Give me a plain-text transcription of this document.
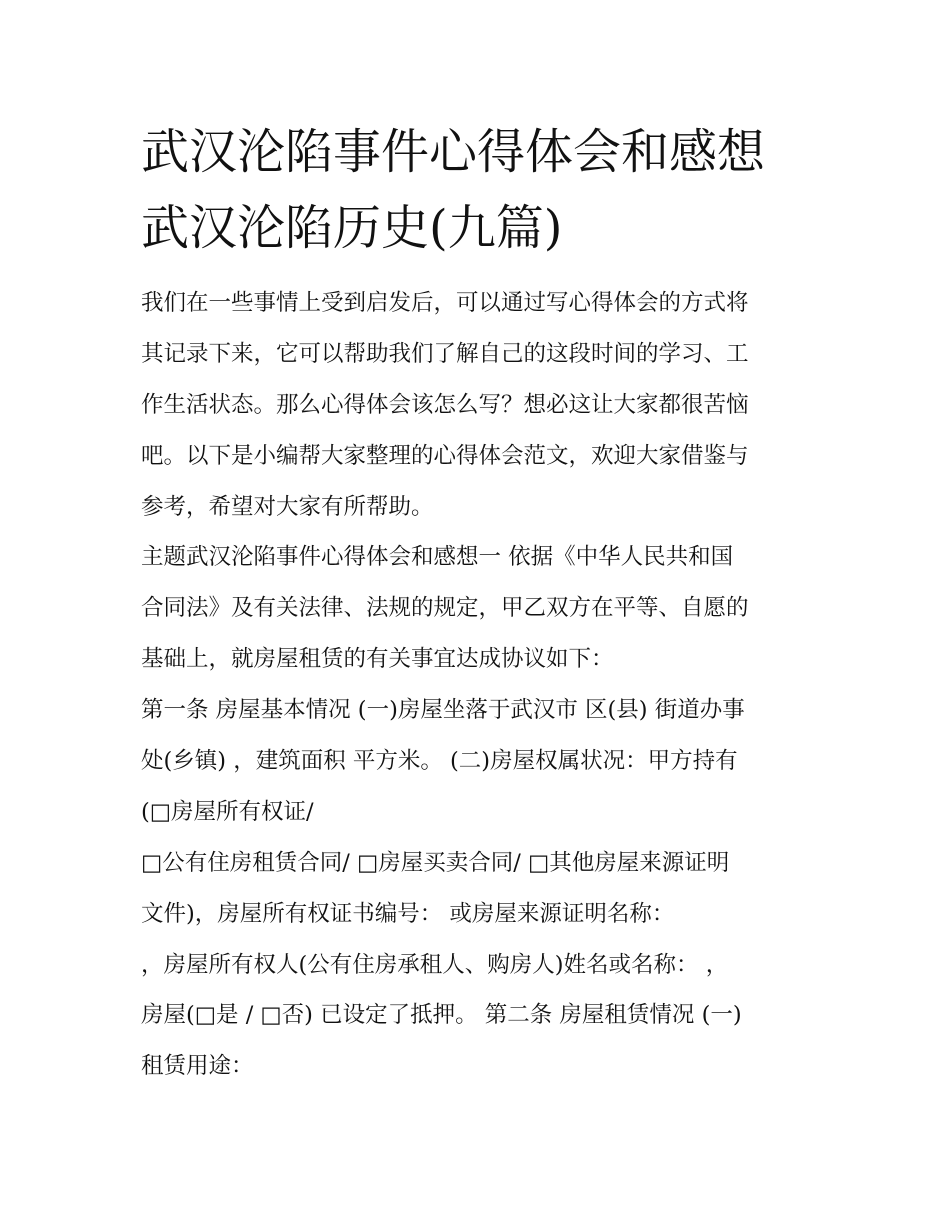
武汉沦陷事件心得体会和感想
武汉沦陷历史(九篇)
我们在一些事情上受到启发后，可以通过写心得体会的方式将
其记录下来，它可以帮助我们了解自己的这段时间的学习、工
作生活状态。那么心得体会该怎么写？想必这让大家都很苦恼
吧。以下是小编帮大家整理的心得体会范文，欢迎大家借鉴与
参考，希望对大家有所帮助。
主题武汉沦陷事件心得体会和感想一 依据《中华人民共和国
合同法》及有关法律、法规的规定，甲乙双方在平等、自愿的
基础上，就房屋租赁的有关事宜达成协议如下：
第一条 房屋基本情况 (一)房屋坐落于武汉市 区(县) 街道办事
处(乡镇) ，建筑面积 平方米。 (二)房屋权属状况：甲方持有
(□房屋所有权证/
□公有住房租赁合同/ □房屋买卖合同/ □其他房屋来源证明
文件)，房屋所有权证书编号： 或房屋来源证明名称：
，房屋所有权人(公有住房承租人、购房人)姓名或名称： ，
房屋(□是 / □否) 已设定了抵押。 第二条 房屋租赁情况 (一)
租赁用途：
